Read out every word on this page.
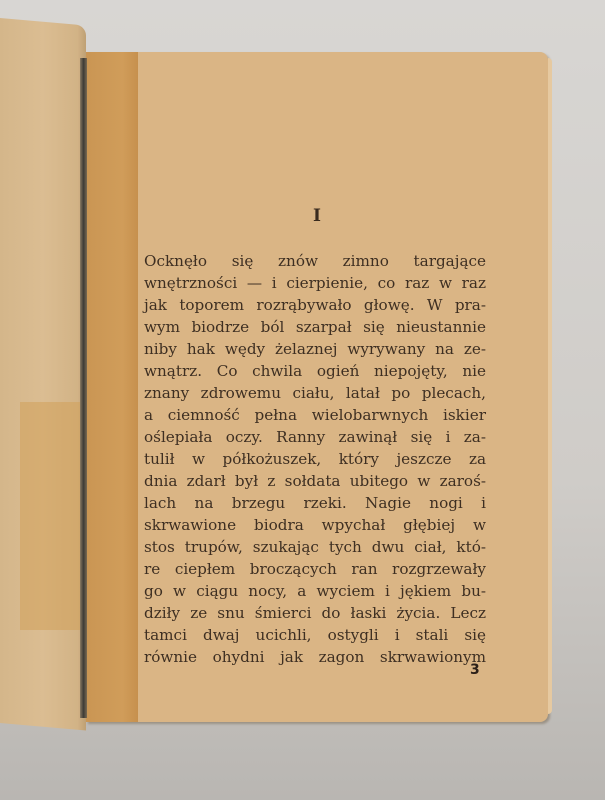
I
Ocknęło się znów zimno targające
wnętrzności — i cierpienie, co raz w raz
jak toporem rozrąbywało głowę. W pra-
wym biodrze ból szarpał się nieustannie
niby hak wędy żelaznej wyrywany na ze-
wnątrz. Co chwila ogień niepojęty, nie
znany zdrowemu ciału, latał po plecach,
a ciemność pełna wielobarwnych iskier
oślepiała oczy. Ranny zawinął się i za-
tulił w półkożuszek, który jeszcze za
dnia zdarł był z sołdata ubitego w zaroś-
lach na brzegu rzeki. Nagie nogi i
skrwawione biodra wpychał głębiej w
stos trupów, szukając tych dwu ciał, któ-
re ciepłem broczących ran rozgrzewały
go w ciągu nocy, a wyciem i jękiem bu-
dziły ze snu śmierci do łaski życia. Lecz
tamci dwaj ucichli, ostygli i stali się
równie ohydni jak zagon skrwawionym
3
